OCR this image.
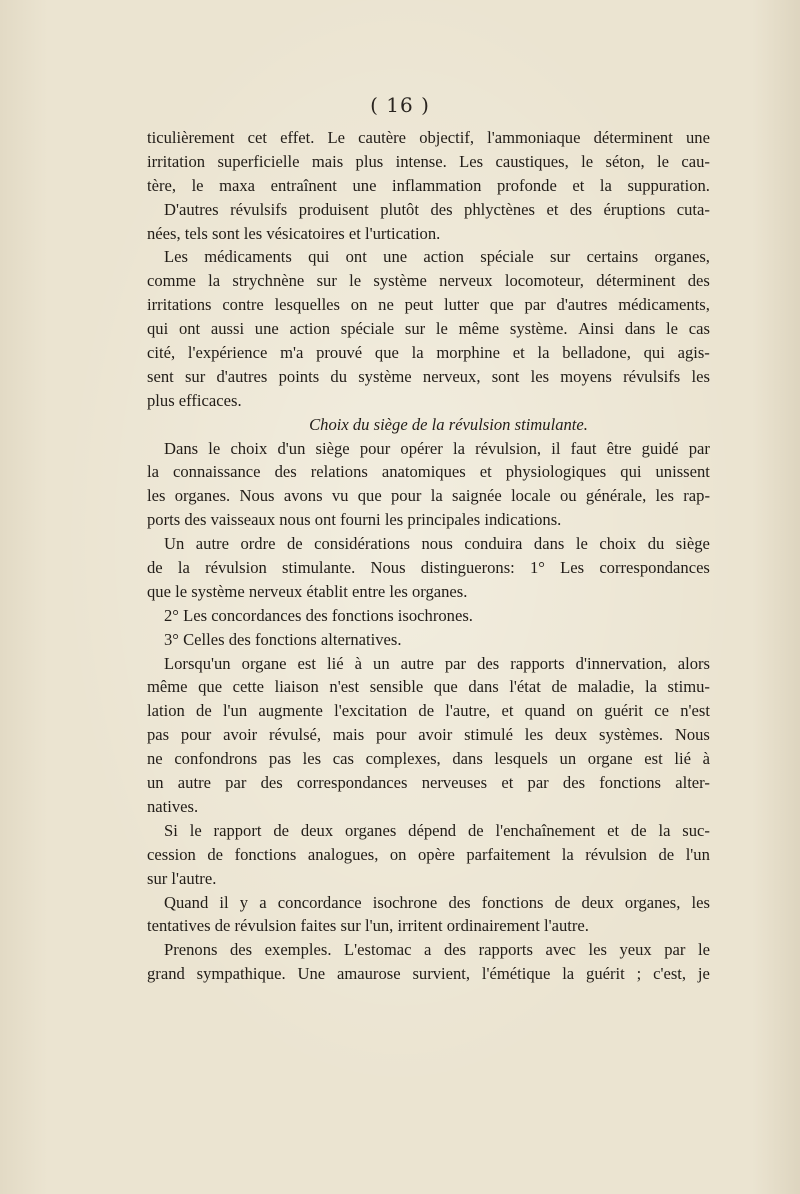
( 16 )
ticulièrement cet effet. Le cautère objectif, l'ammoniaque déterminent une
irritation superficielle mais plus intense. Les caustiques, le séton, le cau-
tère, le maxa entraînent une inflammation profonde et la suppuration.
D'autres révulsifs produisent plutôt des phlyctènes et des éruptions cuta-
nées, tels sont les vésicatoires et l'urtication.
Les médicaments qui ont une action spéciale sur certains organes,
comme la strychnène sur le système nerveux locomoteur, déterminent des
irritations contre lesquelles on ne peut lutter que par d'autres médicaments,
qui ont aussi une action spéciale sur le même système. Ainsi dans le cas
cité, l'expérience m'a prouvé que la morphine et la belladone, qui agis-
sent sur d'autres points du système nerveux, sont les moyens révulsifs les
plus efficaces.
Choix du siège de la révulsion stimulante.
Dans le choix d'un siège pour opérer la révulsion, il faut être guidé par
la connaissance des relations anatomiques et physiologiques qui unissent
les organes. Nous avons vu que pour la saignée locale ou générale, les rap-
ports des vaisseaux nous ont fourni les principales indications.
Un autre ordre de considérations nous conduira dans le choix du siège
de la révulsion stimulante. Nous distinguerons: 1° Les correspondances
que le système nerveux établit entre les organes.
2° Les concordances des fonctions isochrones.
3° Celles des fonctions alternatives.
Lorsqu'un organe est lié à un autre par des rapports d'innervation, alors
même que cette liaison n'est sensible que dans l'état de maladie, la stimu-
lation de l'un augmente l'excitation de l'autre, et quand on guérit ce n'est
pas pour avoir révulsé, mais pour avoir stimulé les deux systèmes. Nous
ne confondrons pas les cas complexes, dans lesquels un organe est lié à
un autre par des correspondances nerveuses et par des fonctions alter-
natives.
Si le rapport de deux organes dépend de l'enchaînement et de la suc-
cession de fonctions analogues, on opère parfaitement la révulsion de l'un
sur l'autre.
Quand il y a concordance isochrone des fonctions de deux organes, les
tentatives de révulsion faites sur l'un, irritent ordinairement l'autre.
Prenons des exemples. L'estomac a des rapports avec les yeux par le
grand sympathique. Une amaurose survient, l'émétique la guérit ; c'est, je
